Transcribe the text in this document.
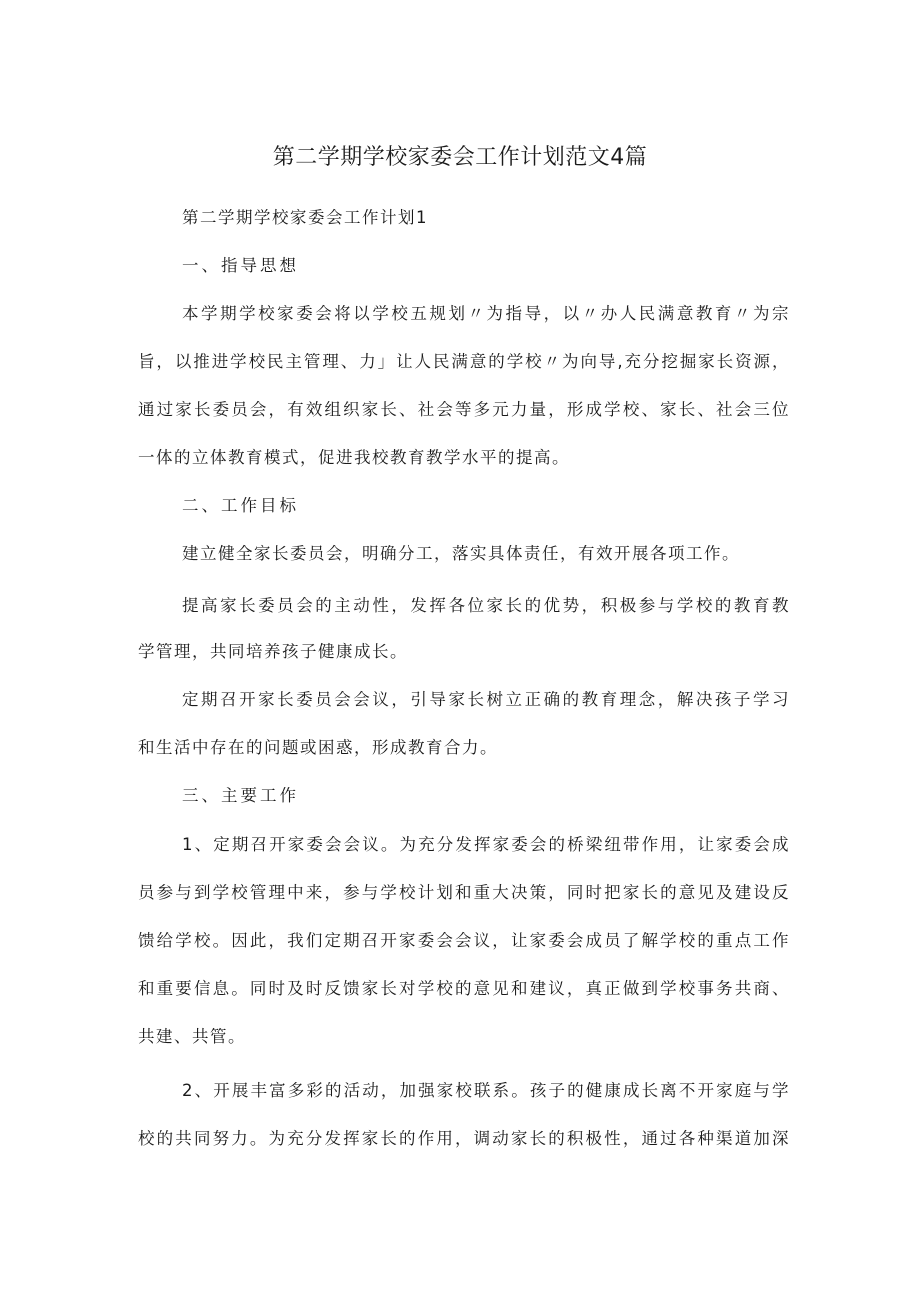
第二学期学校家委会工作计划范文4篇

第二学期学校家委会工作计划1

一、指导思想

本学期学校家委会将以学校五规划〃为指导，以〃办人民满意教育〃为宗

旨，以推进学校民主管理、力」让人民满意的学校〃为向导,充分挖掘家长资源，

通过家长委员会，有效组织家长、社会等多元力量，形成学校、家长、社会三位

一体的立体教育模式，促进我校教育教学水平的提高。

二、工作目标

建立健全家长委员会，明确分工，落实具体责任，有效开展各项工作。

提高家长委员会的主动性，发挥各位家长的优势，积极参与学校的教育教

学管理，共同培养孩子健康成长。

定期召开家长委员会会议，引导家长树立正确的教育理念，解决孩子学习

和生活中存在的问题或困惑，形成教育合力。

三、主要工作

1、定期召开家委会会议。为充分发挥家委会的桥梁纽带作用，让家委会成

员参与到学校管理中来，参与学校计划和重大决策，同时把家长的意见及建设反

馈给学校。因此，我们定期召开家委会会议，让家委会成员了解学校的重点工作

和重要信息。同时及时反馈家长对学校的意见和建议，真正做到学校事务共商、

共建、共管。

2、开展丰富多彩的活动，加强家校联系。孩子的健康成长离不开家庭与学

校的共同努力。为充分发挥家长的作用，调动家长的积极性，通过各种渠道加深
